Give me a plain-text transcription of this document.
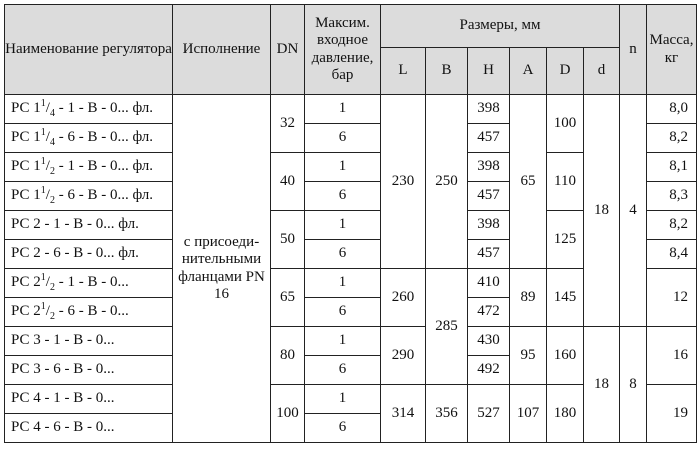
Наименование регулятора	Исполнение	DN	Максим. входное давление, бар	Размеры, мм						n	Масса, кг
				L	B	H	A	D	d		
РС $1^1/_4 - 1$ - В - 0... фл.	с присоеди-нительными фланцами PN 16	32	1	230	250	398	65	100	18	4	8,0
РС $1^1/_4 - 6$ - В - 0... фл.			6			457					8,2
РС $1^1/_2 - 1$ - В - 0... фл.		40	1			398		110			8,1
РС $1^1/_2 - 6$ - В - 0... фл.			6			457					8,3
РС 2 - 1 - В - 0... фл.		50	1			398		125			8,2
РС 2 - 6 - В - 0... фл.			6			457					8,4
РС $2^1/_2 - 1$ - В - 0...		65	1	260	285	410	89	145			12
РС $2^1/_2 - 6$ - В - 0...			6			472					
РС 3 - 1 - В - 0...		80	1	290		430	95	160	18	8	16
РС 3 - 6 - В - 0...			6			492					
РС 4 - 1 - В - 0...		100	1	314	356	527	107	180			19
РС 4 - 6 - В - 0...			6								
